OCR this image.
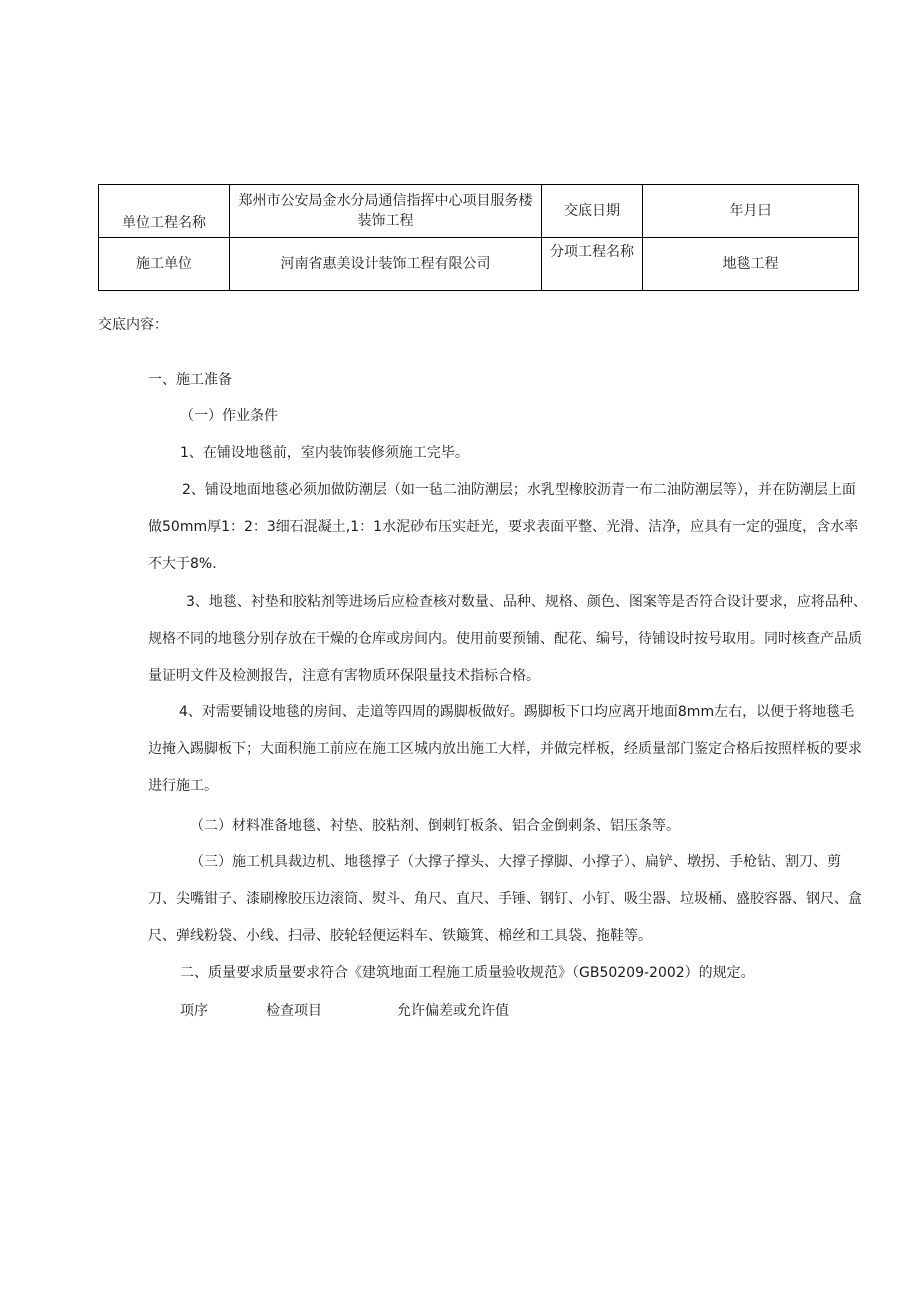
单位工程名称	郑州市公安局金水分局通信指挥中心项目服务楼装饰工程	交底日期	年月曰
施工单位	河南省惠美设计装饰工程有限公司	分项工程名称	地毯工程
交底内容：
一、施工准备
（一）作业条件
1、在铺设地毯前，室内装饰装修须施工完毕。
2、铺设地面地毯必须加做防潮层（如一毡二油防潮层；水乳型橡胶沥青一布二油防潮层等），并在防潮层上面做50mm厚1：2：3细石混凝土,1：1水泥砂布压实赶光，要求表面平整、光滑、洁净，应具有一定的强度，含水率不大于8%.
3、地毯、衬垫和胶粘剂等进场后应检查核对数量、品种、规格、颜色、图案等是否符合设计要求，应将品种、规格不同的地毯分别存放在干燥的仓库或房间内。使用前要预铺、配花、编号，待铺设时按号取用。同时核查产品质量证明文件及检测报告，注意有害物质环保限量技术指标合格。
4、对需要铺设地毯的房间、走道等四周的踢脚板做好。踢脚板下口均应离开地面8mm左右，以便于将地毯毛边掩入踢脚板下；大面积施工前应在施工区城内放出施工大样，并做完样板，经质量部门鉴定合格后按照样板的要求进行施工。
（二）材料准备地毯、衬垫、胶粘剂、倒刺钉板条、铝合金倒刺条、铝压条等。
（三）施工机具裁边机、地毯撑子（大撑子撑头、大撑子撑脚、小撑子）、扁铲、墩拐、手枪钻、割刀、剪刀、尖嘴钳子、漆刷橡胶压边滚筒、熨斗、角尺、直尺、手锤、钢钉、小钉、吸尘器、垃圾桶、盛胶容器、钢尺、盒尺、弹线粉袋、小线、扫帚、胶轮轻便运料车、铁簸箕、棉丝和工具袋、拖鞋等。
二、质量要求质量要求符合《建筑地面工程施工质量验收规范》（GB50209-2002）的规定。
项序	检查项目	允许偏差或允许值
